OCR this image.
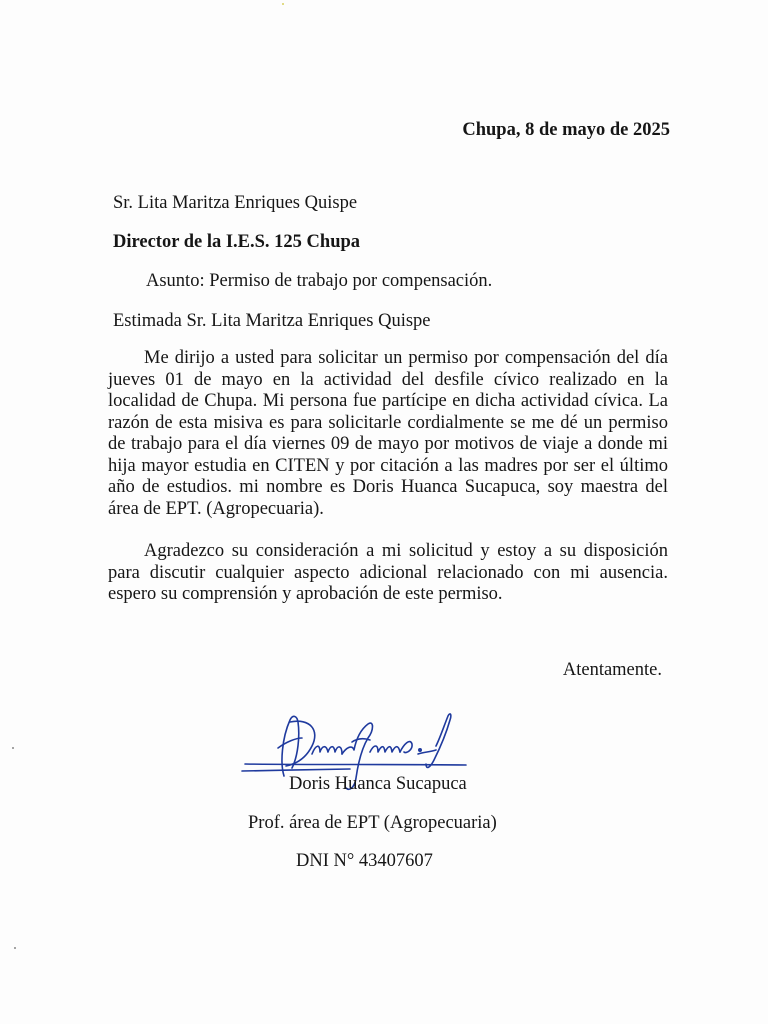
Chupa, 8 de mayo de 2025

Sr. Lita Maritza Enriques Quispe

Director de la I.E.S. 125 Chupa

Asunto: Permiso de trabajo por compensación.

Estimada Sr. Lita Maritza Enriques Quispe

Me dirijo a usted para solicitar un permiso por compensación del día jueves 01 de mayo en la actividad del desfile cívico realizado en la localidad de Chupa. Mi persona fue partícipe en dicha actividad cívica. La razón de esta misiva es para solicitarle cordialmente se me dé un permiso de trabajo para el día viernes 09 de mayo por motivos de viaje a donde mi hija mayor estudia en CITEN y por citación a las madres por ser el último año de estudios. mi nombre es Doris Huanca Sucapuca, soy maestra del área de EPT. (Agropecuaria).

Agradezco su consideración a mi solicitud y estoy a su disposición para discutir cualquier aspecto adicional relacionado con mi ausencia. espero su comprensión y aprobación de este permiso.

Atentamente.

Doris Huanca Sucapuca

Prof. área de EPT (Agropecuaria)

DNI N° 43407607
